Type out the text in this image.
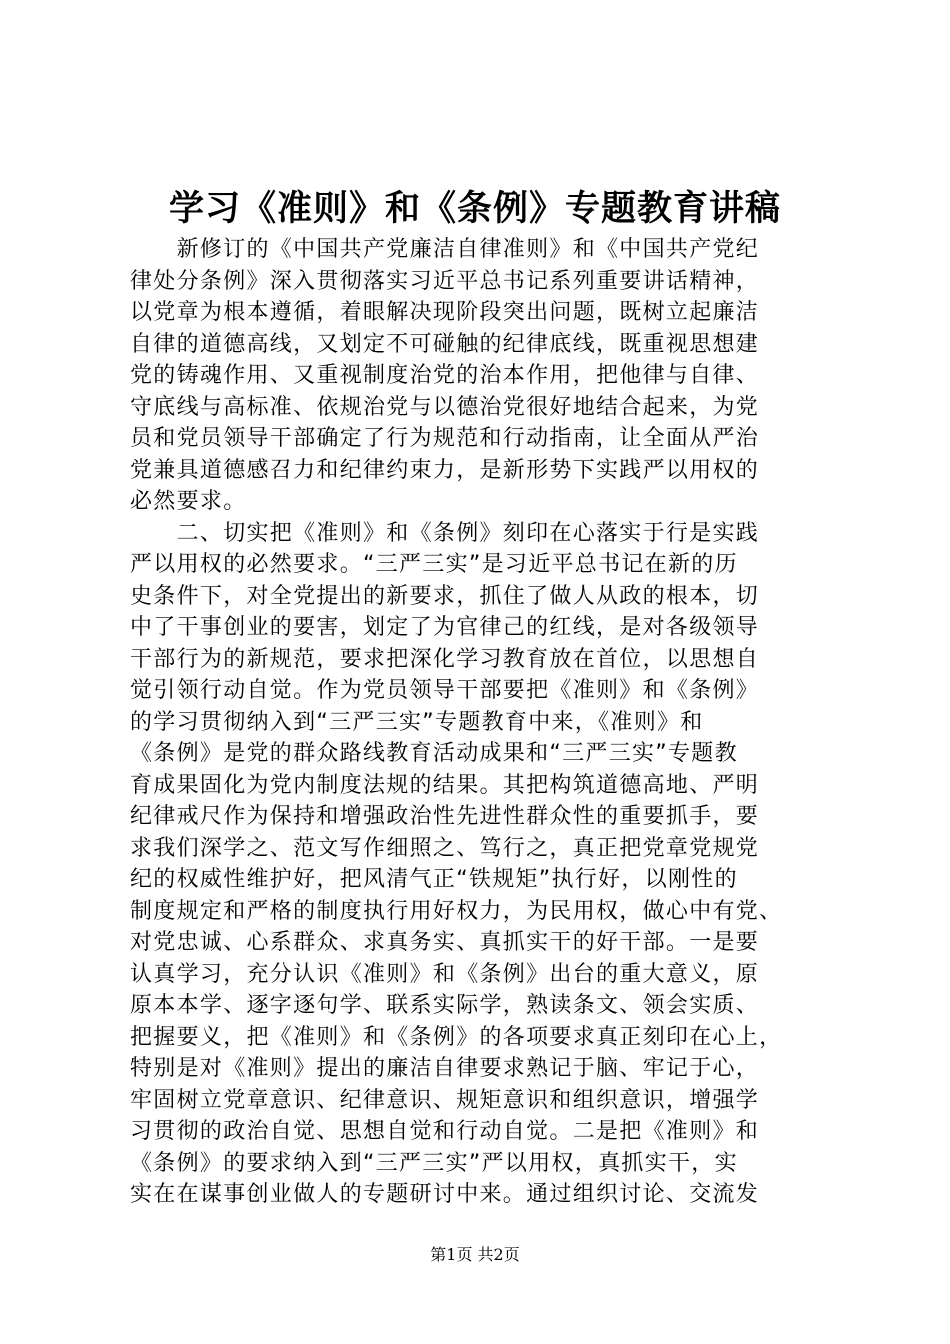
学习《准则》和《条例》专题教育讲稿
　　新修订的《中国共产党廉洁自律准则》和《中国共产党纪
律处分条例》深入贯彻落实习近平总书记系列重要讲话精神，
以党章为根本遵循，着眼解决现阶段突出问题，既树立起廉洁
自律的道德高线，又划定不可碰触的纪律底线，既重视思想建
党的铸魂作用、又重视制度治党的治本作用，把他律与自律、
守底线与高标准、依规治党与以德治党很好地结合起来，为党
员和党员领导干部确定了行为规范和行动指南，让全面从严治
党兼具道德感召力和纪律约束力，是新形势下实践严以用权的
必然要求。
　　二、切实把《准则》和《条例》刻印在心落实于行是实践
严以用权的必然要求。“三严三实”是习近平总书记在新的历
史条件下，对全党提出的新要求，抓住了做人从政的根本，切
中了干事创业的要害，划定了为官律己的红线，是对各级领导
干部行为的新规范，要求把深化学习教育放在首位，以思想自
觉引领行动自觉。作为党员领导干部要把《准则》和《条例》
的学习贯彻纳入到“三严三实”专题教育中来，《准则》和
《条例》是党的群众路线教育活动成果和“三严三实”专题教
育成果固化为党内制度法规的结果。其把构筑道德高地、严明
纪律戒尺作为保持和增强政治性先进性群众性的重要抓手，要
求我们深学之、范文写作细照之、笃行之，真正把党章党规党
纪的权威性维护好，把风清气正“铁规矩”执行好，以刚性的
制度规定和严格的制度执行用好权力，为民用权，做心中有党、
对党忠诚、心系群众、求真务实、真抓实干的好干部。一是要
认真学习，充分认识《准则》和《条例》出台的重大意义，原
原本本学、逐字逐句学、联系实际学，熟读条文、领会实质、
把握要义，把《准则》和《条例》的各项要求真正刻印在心上，
特别是对《准则》提出的廉洁自律要求熟记于脑、牢记于心，
牢固树立党章意识、纪律意识、规矩意识和组织意识，增强学
习贯彻的政治自觉、思想自觉和行动自觉。二是把《准则》和
《条例》的要求纳入到“三严三实”严以用权，真抓实干，实
实在在谋事创业做人的专题研讨中来。通过组织讨论、交流发
第1页 共2页
